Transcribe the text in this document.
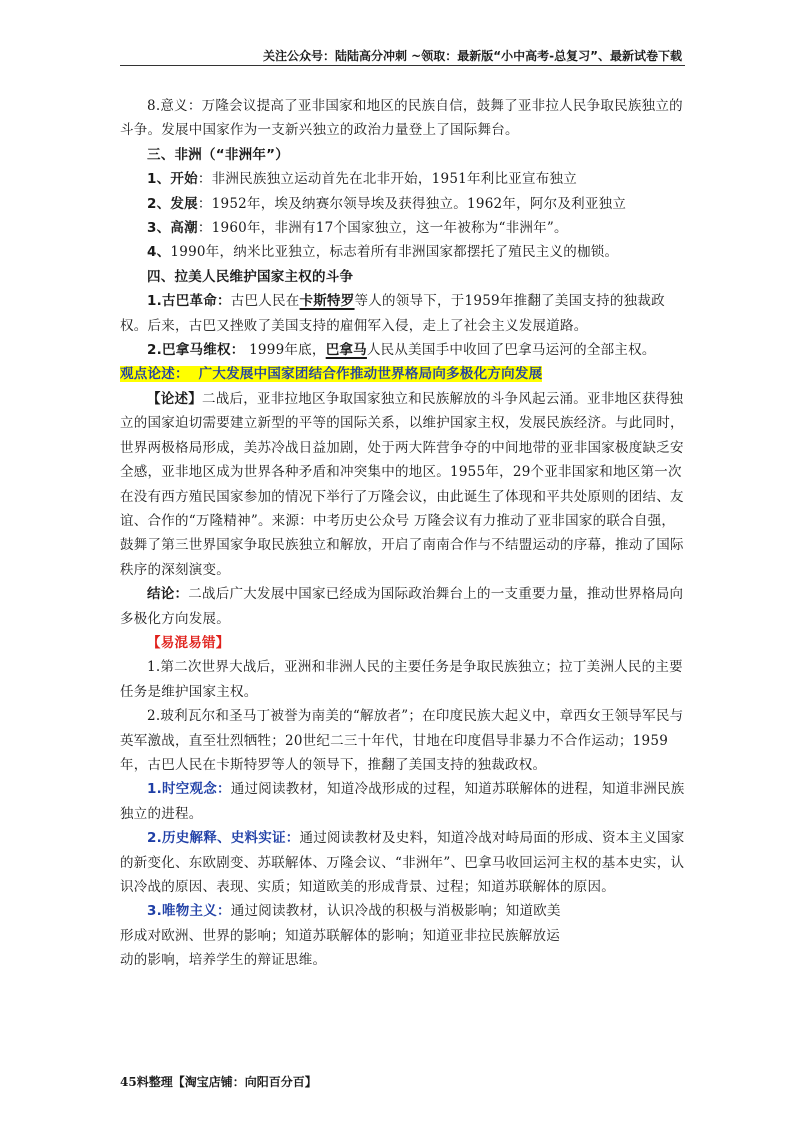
关注公众号：陆陆高分冲刺 ~领取：最新版“小中高考-总复习”、最新试卷下载

8.意义：万隆会议提高了亚非国家和地区的民族自信，鼓舞了亚非拉人民争取民族独立的斗争。发展中国家作为一支新兴独立的政治力量登上了国际舞台。

三、非洲（“非洲年”）

1、开始：非洲民族独立运动首先在北非开始，1951年利比亚宣布独立

2、发展：1952年，埃及纳赛尔领导埃及获得独立。1962年，阿尔及利亚独立

3、高潮：1960年，非洲有17个国家独立，这一年被称为“非洲年”。

4、1990年，纳米比亚独立，标志着所有非洲国家都摆托了殖民主义的枷锁。

四、拉美人民维护国家主权的斗争

1.古巴革命：古巴人民在卡斯特罗等人的领导下，于1959年推翻了美国支持的独裁政权。后来，古巴又挫败了美国支持的雇佣军入侵，走上了社会主义发展道路。

2.巴拿马维权： 1999年底，巴拿马人民从美国手中收回了巴拿马运河的全部主权。

观点论述： 广大发展中国家团结合作推动世界格局向多极化方向发展

【论述】二战后，亚非拉地区争取国家独立和民族解放的斗争风起云涌。亚非地区获得独立的国家迫切需要建立新型的平等的国际关系，以维护国家主权，发展民族经济。与此同时，世界两极格局形成，美苏冷战日益加剧，处于两大阵营争夺的中间地带的亚非国家极度缺乏安全感，亚非地区成为世界各种矛盾和冲突集中的地区。1955年，29个亚非国家和地区第一次在没有西方殖民国家参加的情况下举行了万隆会议，由此诞生了体现和平共处原则的团结、友谊、合作的“万隆精神”。来源：中考历史公众号 万隆会议有力推动了亚非国家的联合自强，鼓舞了第三世界国家争取民族独立和解放，开启了南南合作与不结盟运动的序幕，推动了国际秩序的深刻演变。

结论：二战后广大发展中国家已经成为国际政治舞台上的一支重要力量，推动世界格局向多极化方向发展。

【易混易错】

1.第二次世界大战后，亚洲和非洲人民的主要任务是争取民族独立；拉丁美洲人民的主要任务是维护国家主权。

2.玻利瓦尔和圣马丁被誉为南美的“解放者”；在印度民族大起义中，章西女王领导军民与英军激战，直至壮烈牺牲；20世纪二三十年代，甘地在印度倡导非暴力不合作运动；1959年，古巴人民在卡斯特罗等人的领导下，推翻了美国支持的独裁政权。

1.时空观念：通过阅读教材，知道冷战形成的过程，知道苏联解体的进程，知道非洲民族独立的进程。

2.历史解释、史料实证：通过阅读教材及史料，知道冷战对峙局面的形成、资本主义国家的新变化、东欧剧变、苏联解体、万隆会议、“非洲年”、巴拿马收回运河主权的基本史实，认识冷战的原因、表现、实质；知道欧美的形成背景、过程；知道苏联解体的原因。

3.唯物主义：通过阅读教材，认识冷战的积极与消极影响；知道欧美

形成对欧洲、世界的影响；知道苏联解体的影响；知道亚非拉民族解放运

动的影响，培养学生的辩证思维。

45料整理【淘宝店铺：向阳百分百】
